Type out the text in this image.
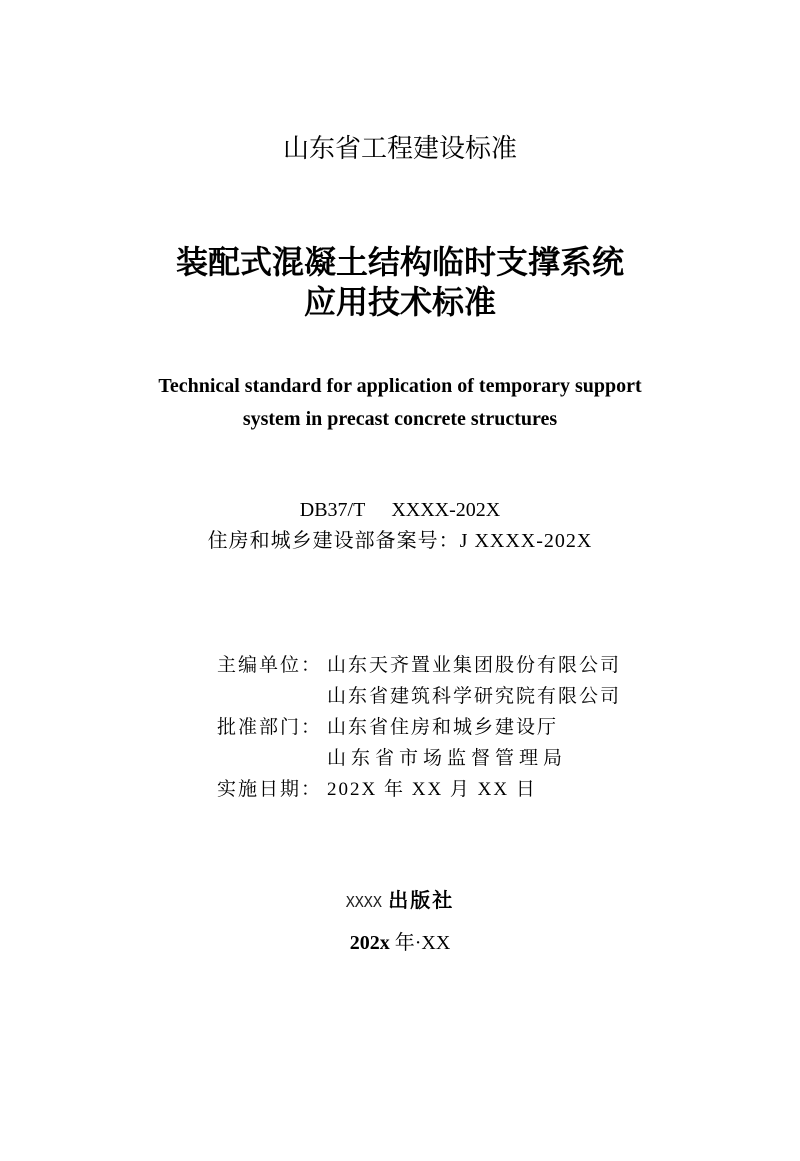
山东省工程建设标准
装配式混凝土结构临时支撑系统
应用技术标准
Technical standard for application of temporary support
system in precast concrete structures
DB37/T XXXX-202X
住房和城乡建设部备案号：J XXXX-202X
主编单位： 山东天齐置业集团股份有限公司
山东省建筑科学研究院有限公司
批准部门： 山东省住房和城乡建设厅
山东省市场监督管理局
实施日期： 202X 年 XX 月 XX 日
XXXX 出版社
202x 年·XX
